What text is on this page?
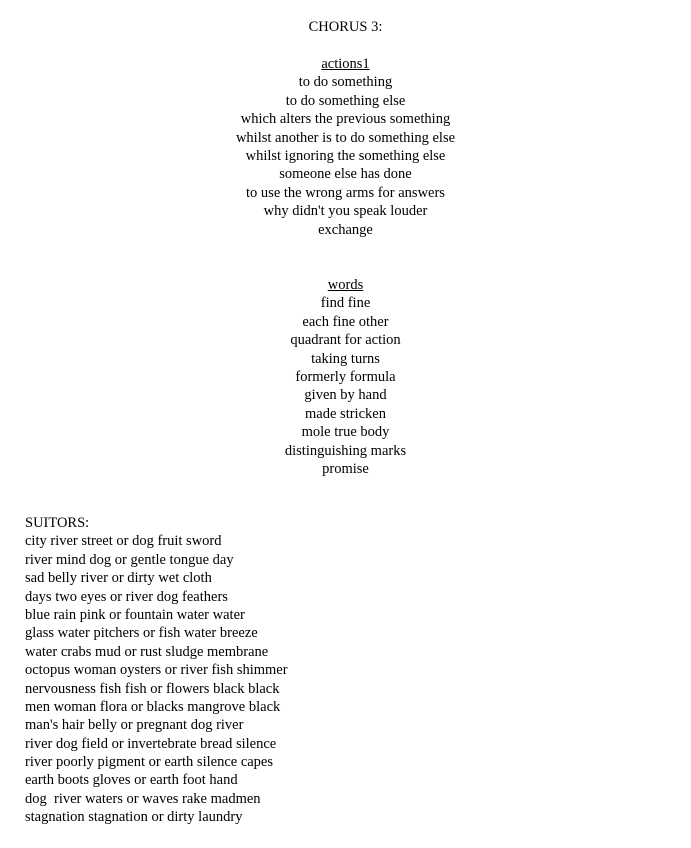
CHORUS 3:
actions1
to do something
to do something else
which alters the previous something
whilst another is to do something else
whilst ignoring the something else
someone else has done
to use the wrong arms for answers
why didn't you speak louder
exchange
words
find fine
each fine other
quadrant for action
taking turns
formerly formula
given by hand
made stricken
mole true body
distinguishing marks
promise
SUITORS:
city river street or dog fruit sword
river mind dog or gentle tongue day
sad belly river or dirty wet cloth
days two eyes or river dog feathers
blue rain pink or fountain water water
glass water pitchers or fish water breeze
water crabs mud or rust sludge membrane
octopus woman oysters or river fish shimmer
nervousness fish fish or flowers black black
men woman flora or blacks mangrove black
man's hair belly or pregnant dog river
river dog field or invertebrate bread silence
river poorly pigment or earth silence capes
earth boots gloves or earth foot hand
dog  river waters or waves rake madmen
stagnation stagnation or dirty laundry
